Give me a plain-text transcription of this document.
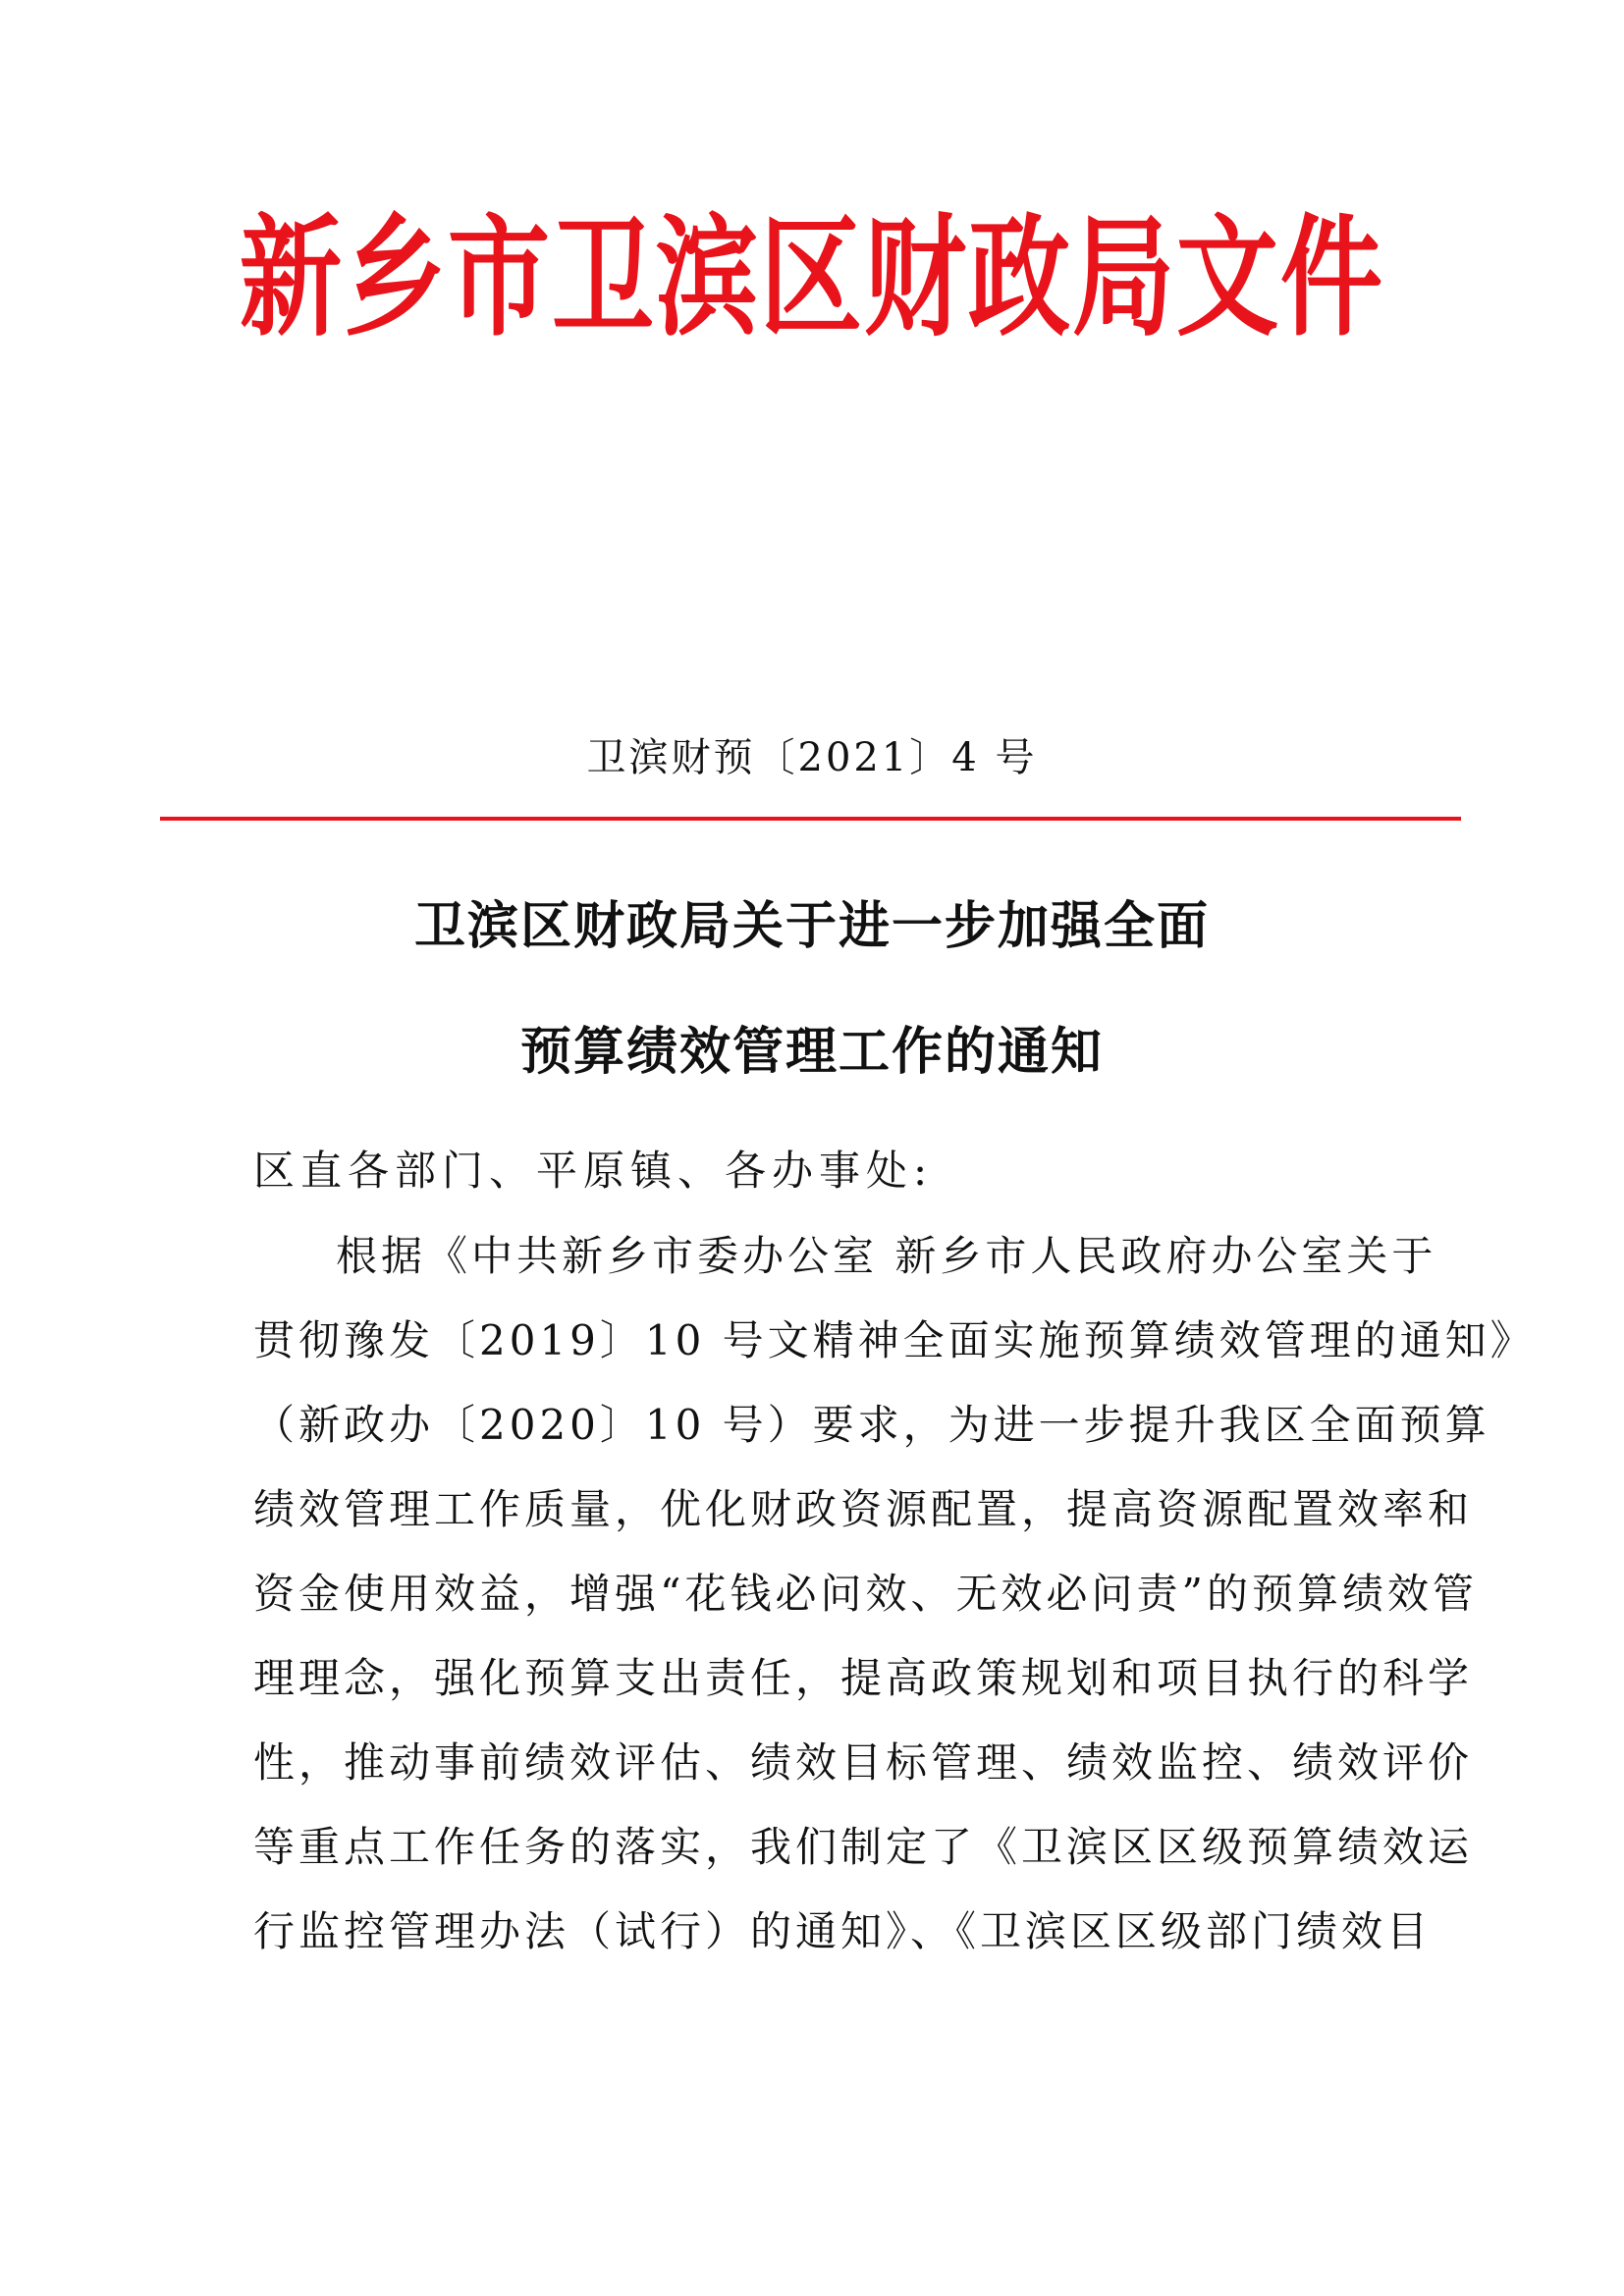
新乡市卫滨区财政局文件
卫滨财预〔2021〕4 号
卫滨区财政局关于进一步加强全面
预算绩效管理工作的通知
区直各部门、平原镇、各办事处:
根据《中共新乡市委办公室 新乡市人民政府办公室关于
贯彻豫发〔2019〕10 号文精神全面实施预算绩效管理的通知》
（新政办〔2020〕10 号）要求，为进一步提升我区全面预算
绩效管理工作质量，优化财政资源配置，提高资源配置效率和
资金使用效益，增强“花钱必问效、无效必问责”的预算绩效管
理理念，强化预算支出责任，提高政策规划和项目执行的科学
性，推动事前绩效评估、绩效目标管理、绩效监控、绩效评价
等重点工作任务的落实，我们制定了《卫滨区区级预算绩效运
行监控管理办法（试行）的通知》、《卫滨区区级部门绩效目
